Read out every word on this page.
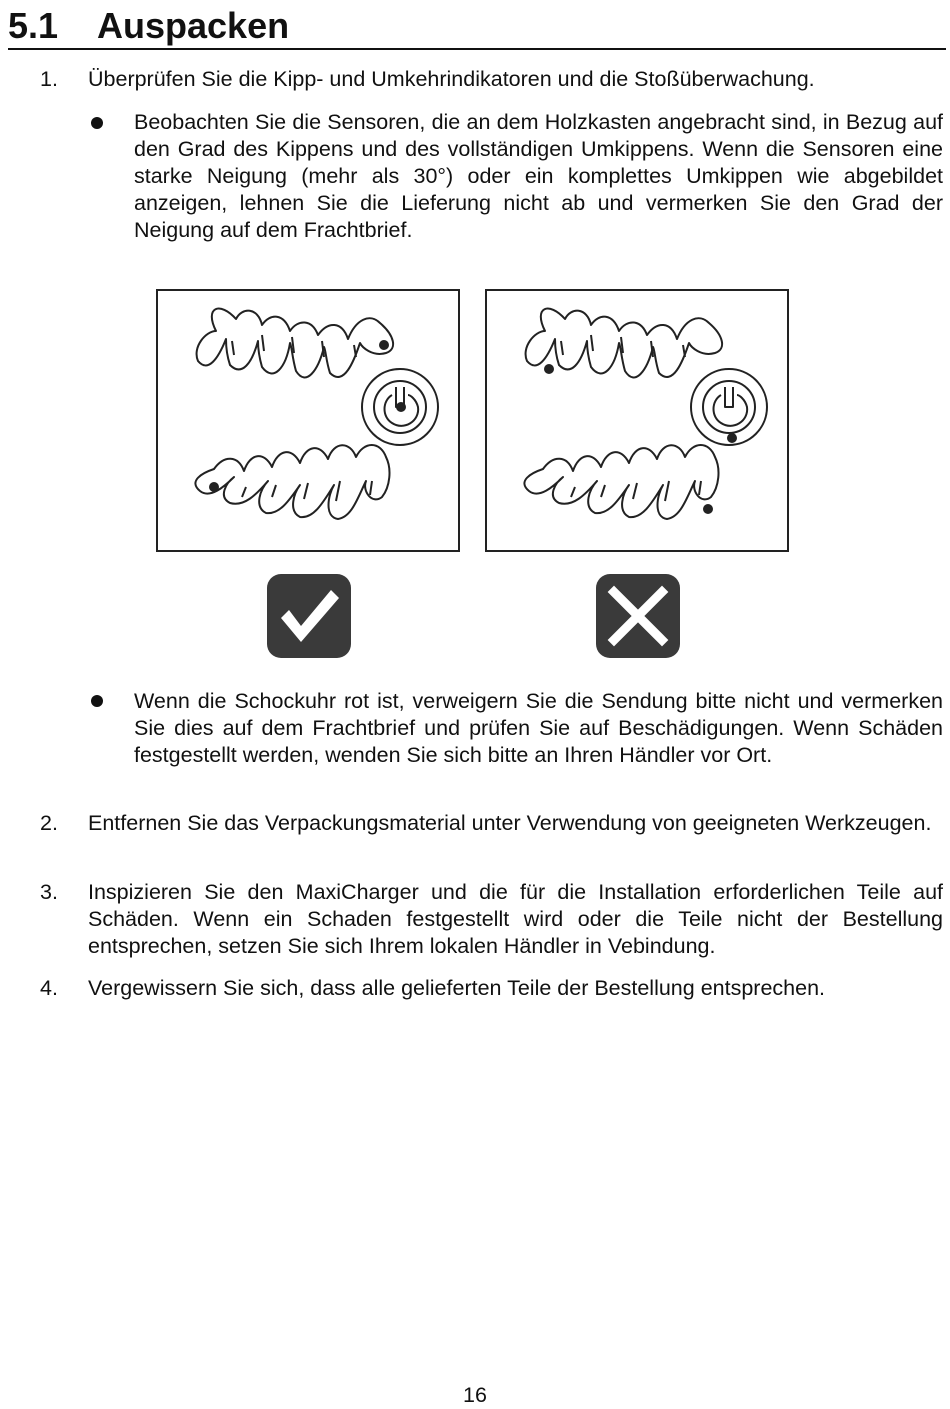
5.1 Auspacken
1. Überprüfen Sie die Kipp- und Umkehrindikatoren und die Stoßüberwachung.
Beobachten Sie die Sensoren, die an dem Holzkasten angebracht sind, in Bezug auf den Grad des Kippens und des vollständigen Umkippens. Wenn die Sensoren eine starke Neigung (mehr als 30°) oder ein komplettes Umkippen wie abgebildet anzeigen, lehnen Sie die Lieferung nicht ab und vermerken Sie den Grad der Neigung auf dem Frachtbrief.
Wenn die Schockuhr rot ist, verweigern Sie die Sendung bitte nicht und vermerken Sie dies auf dem Frachtbrief und prüfen Sie auf Beschädigungen. Wenn Schäden festgestellt werden, wenden Sie sich bitte an Ihren Händler vor Ort.
2. Entfernen Sie das Verpackungsmaterial unter Verwendung von geeigneten Werkzeugen.
3. Inspizieren Sie den MaxiCharger und die für die Installation erforderlichen Teile auf Schäden. Wenn ein Schaden festgestellt wird oder die Teile nicht der Bestellung entsprechen, setzen Sie sich Ihrem lokalen Händler in Vebindung.
4. Vergewissern Sie sich, dass alle gelieferten Teile der Bestellung entsprechen.
16
